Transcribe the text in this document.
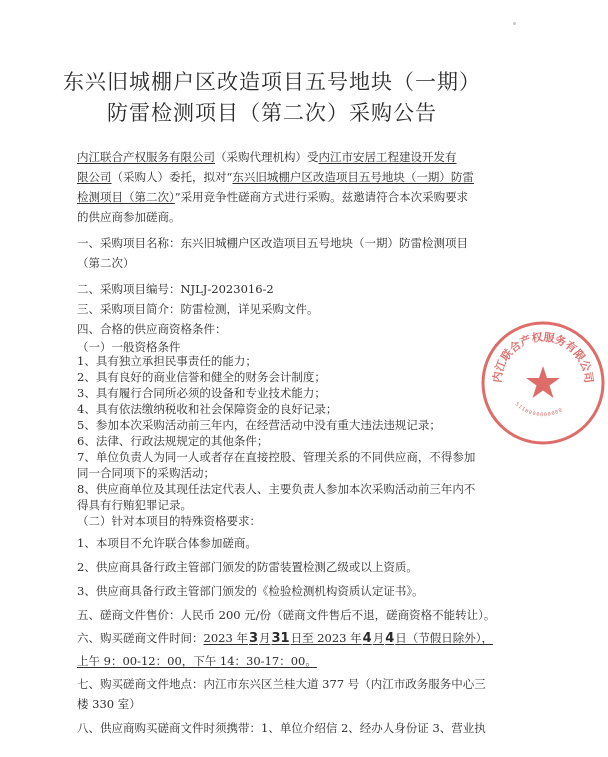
东兴旧城棚户区改造项目五号地块（一期）
防雷检测项目（第二次）采购公告
内江联合产权服务有限公司（采购代理机构）受内江市安居工程建设开发有
限公司（采购人）委托，拟对“东兴旧城棚户区改造项目五号地块（一期）防雷
检测项目（第二次）”采用竞争性磋商方式进行采购。兹邀请符合本次采购要求
的供应商参加磋商。
一、采购项目名称：东兴旧城棚户区改造项目五号地块（一期）防雷检测项目
（第二次）
二、采购项目编号：NJLJ-2023016-2
三、采购项目简介：防雷检测，详见采购文件。
四、合格的供应商资格条件：
（一）一般资格条件
1、具有独立承担民事责任的能力；
2、具有良好的商业信誉和健全的财务会计制度；
3、具有履行合同所必须的设备和专业技术能力；
4、具有依法缴纳税收和社会保障资金的良好记录；
5、参加本次采购活动前三年内，在经营活动中没有重大违法违规记录；
6、法律、行政法规规定的其他条件；
7、单位负责人为同一人或者存在直接控股、管理关系的不同供应商，不得参加
同一合同项下的采购活动；
8、供应商单位及其现任法定代表人、主要负责人参加本次采购活动前三年内不
得具有行贿犯罪记录。
（二）针对本项目的特殊资格要求：
1、本项目不允许联合体参加磋商。
2、供应商具备行政主管部门颁发的防雷装置检测乙级或以上资质。
3、供应商具备行政主管部门颁发的《检验检测机构资质认定证书》。
五、磋商文件售价：人民币 200 元/份（磋商文件售后不退，磋商资格不能转让）。
六、购买磋商文件时间：2023 年3月31日至 2023 年4月4日（节假日除外），
上午 9：00-12：00，下午 14：30-17：00。
七、购买磋商文件地点：内江市东兴区兰桂大道 377 号（内江市政务服务中心三
楼 330 室）
八、供应商购买磋商文件时须携带：1、单位介绍信 2、经办人身份证 3、营业执
内江联合产权服务有限公司
5110000000000
